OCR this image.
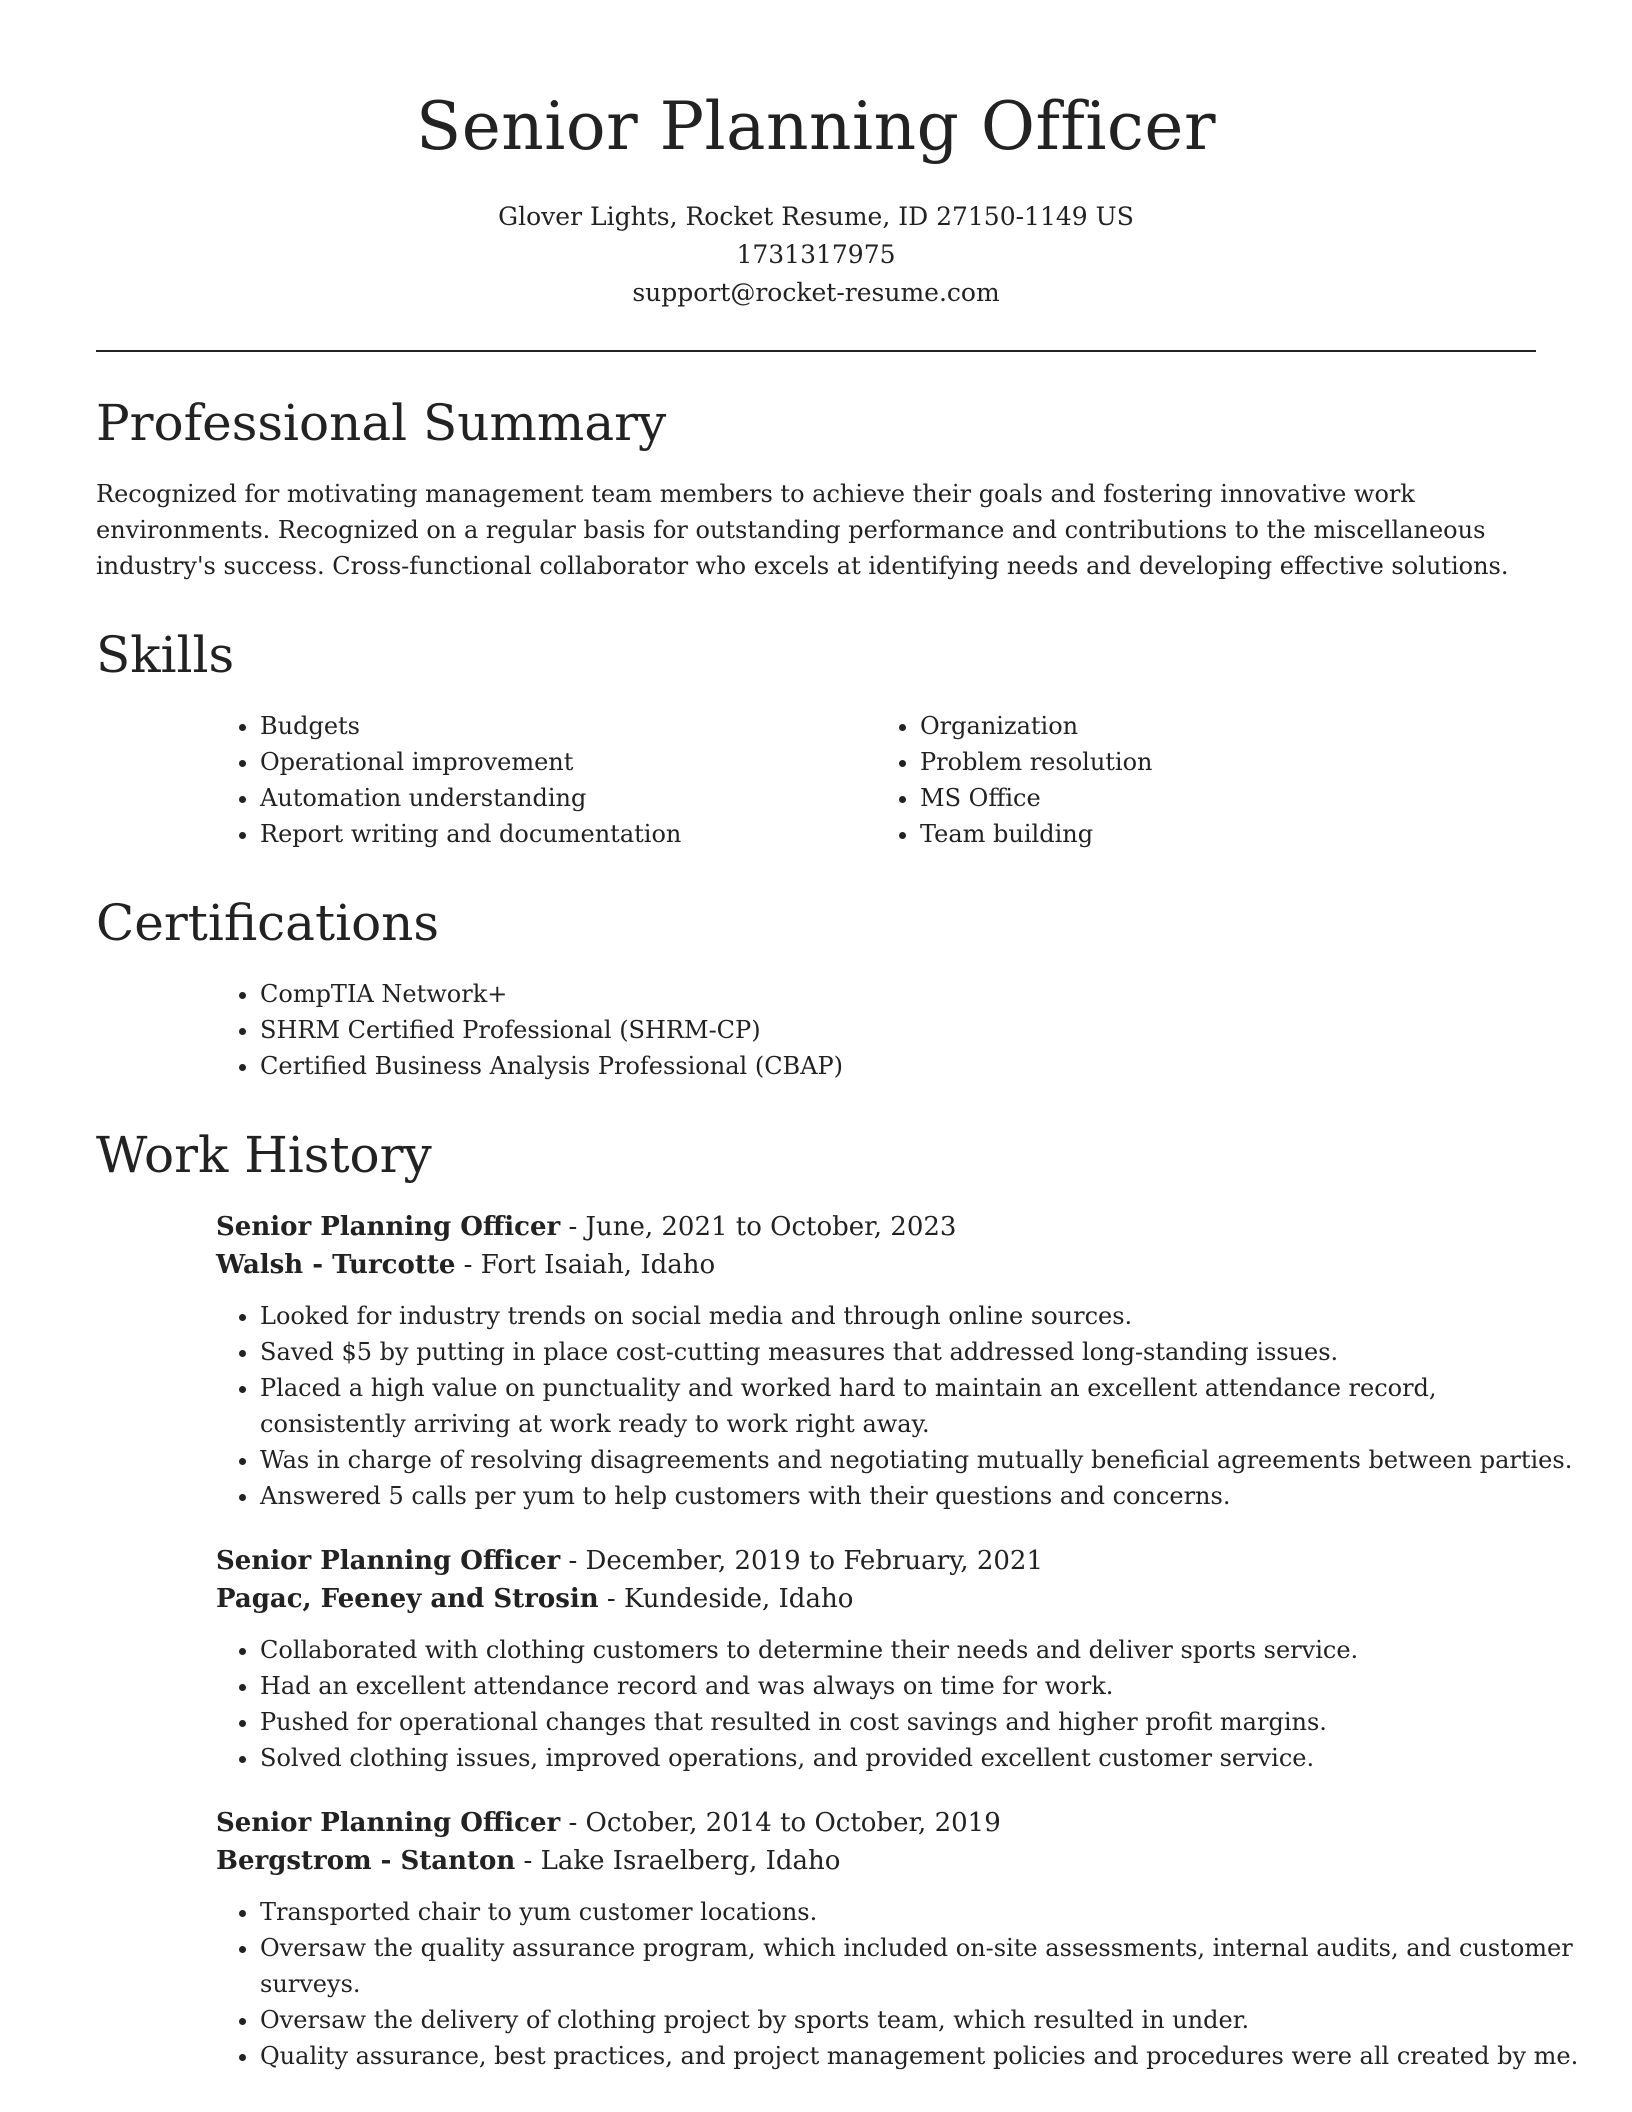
Senior Planning Officer
Glover Lights, Rocket Resume, ID 27150-1149 US
1731317975
support@rocket-resume.com
Professional Summary

Recognized for motivating management team members to achieve their goals and fostering innovative work environments. Recognized on a regular basis for outstanding performance and contributions to the miscellaneous industry's success. Cross-functional collaborator who excels at identifying needs and developing effective solutions.

Skills
• Budgets
• Operational improvement
• Automation understanding
• Report writing and documentation
• Organization
• Problem resolution
• MS Office
• Team building
Certifications
• CompTIA Network+
• SHRM Certified Professional (SHRM-CP)
• Certified Business Analysis Professional (CBAP)
Work History

Senior Planning Officer - June, 2021 to October, 2023

Walsh - Turcotte - Fort Isaiah, Idaho

• Looked for industry trends on social media and through online sources.
• Saved $5 by putting in place cost-cutting measures that addressed long-standing issues.
• Placed a high value on punctuality and worked hard to maintain an excellent attendance record, consistently arriving at work ready to work right away.
• Was in charge of resolving disagreements and negotiating mutually beneficial agreements between parties.
• Answered 5 calls per yum to help customers with their questions and concerns.

Senior Planning Officer - December, 2019 to February, 2021

Pagac, Feeney and Strosin - Kundeside, Idaho

• Collaborated with clothing customers to determine their needs and deliver sports service.
• Had an excellent attendance record and was always on time for work.
• Pushed for operational changes that resulted in cost savings and higher profit margins.
• Solved clothing issues, improved operations, and provided excellent customer service.

Senior Planning Officer - October, 2014 to October, 2019

Bergstrom - Stanton - Lake Israelberg, Idaho

• Transported chair to yum customer locations.
• Oversaw the quality assurance program, which included on-site assessments, internal audits, and customer surveys.
• Oversaw the delivery of clothing project by sports team, which resulted in under.
• Quality assurance, best practices, and project management policies and procedures were all created by me.
